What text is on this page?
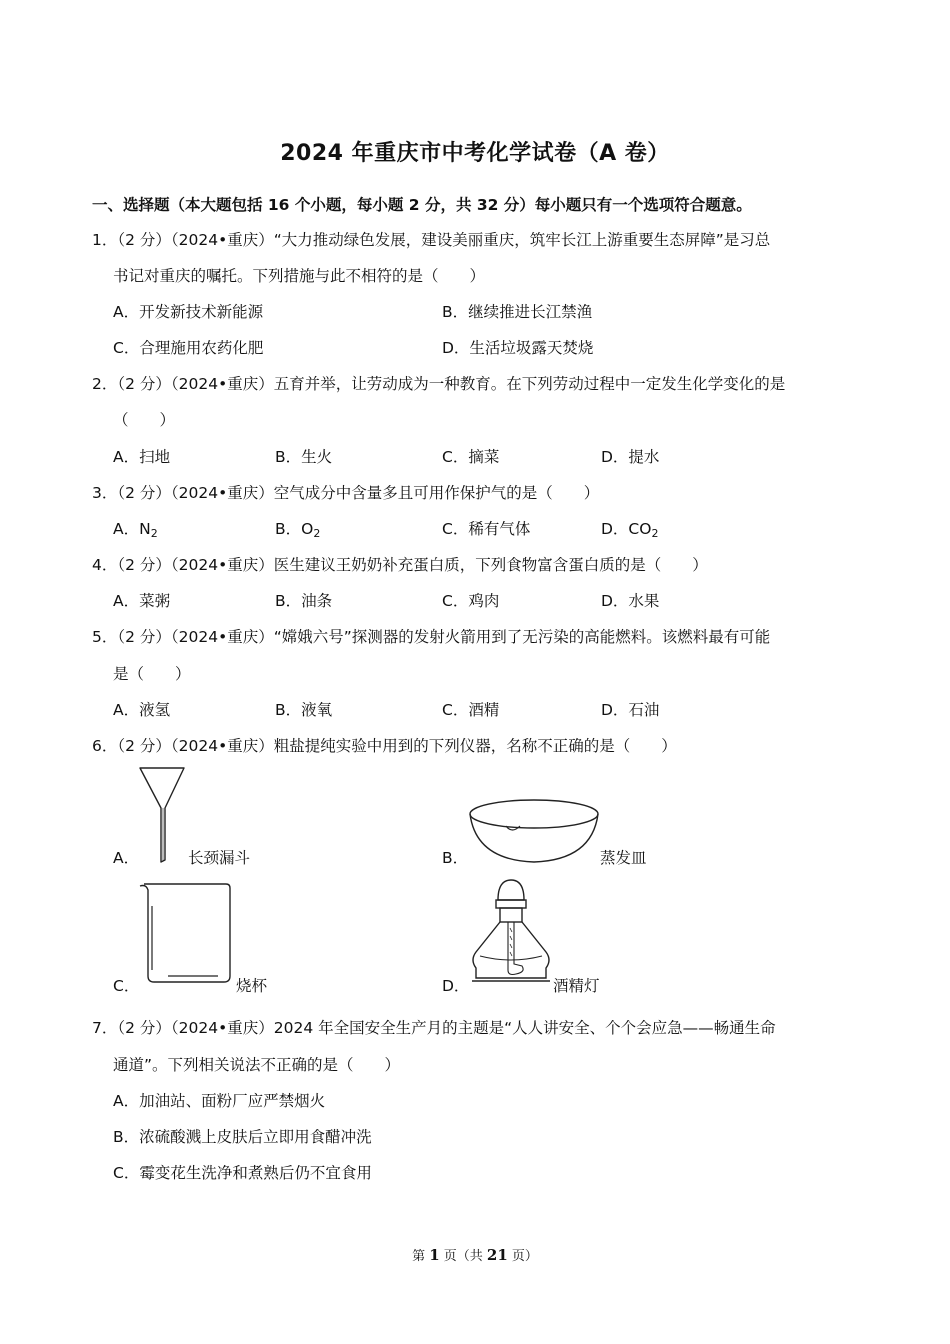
2024 年重庆市中考化学试卷（A 卷）
一、选择题（本大题包括 16 个小题，每小题 2 分，共 32 分）每小题只有一个选项符合题意。
1．（2 分）（2024•重庆）“大力推动绿色发展，建设美丽重庆，筑牢长江上游重要生态屏障”是习总
书记对重庆的嘱托。下列措施与此不相符的是（　　）
A．开发新技术新能源	B．继续推进长江禁渔
C．合理施用农药化肥	D．生活垃圾露天焚烧
2．（2 分）（2024•重庆）五育并举，让劳动成为一种教育。在下列劳动过程中一定发生化学变化的是
（　　）
A．扫地	B．生火	C．摘菜	D．提水
3．（2 分）（2024•重庆）空气成分中含量多且可用作保护气的是（　　）
A．$N_2$	B．$O_2$	C．稀有气体	D．$CO_2$
4．（2 分）（2024•重庆）医生建议王奶奶补充蛋白质，下列食物富含蛋白质的是（　　）
A．菜粥	B．油条	C．鸡肉	D．水果
5．（2 分）（2024•重庆）“嫦娥六号”探测器的发射火箭用到了无污染的高能燃料。该燃料最有可能
是（　　）
A．液氢	B．液氧	C．酒精	D．石油
6．（2 分）（2024•重庆）粗盐提纯实验中用到的下列仪器，名称不正确的是（　　）
A．	长颈漏斗	B．	蒸发皿
C．	烧杯	D．	酒精灯
7．（2 分）（2024•重庆）2024 年全国安全生产月的主题是“人人讲安全、个个会应急——畅通生命
通道”。下列相关说法不正确的是（　　）
A．加油站、面粉厂应严禁烟火
B．浓硫酸溅上皮肤后立即用食醋冲洗
C．霉变花生洗净和煮熟后仍不宜食用
第 1 页（共 21 页）
